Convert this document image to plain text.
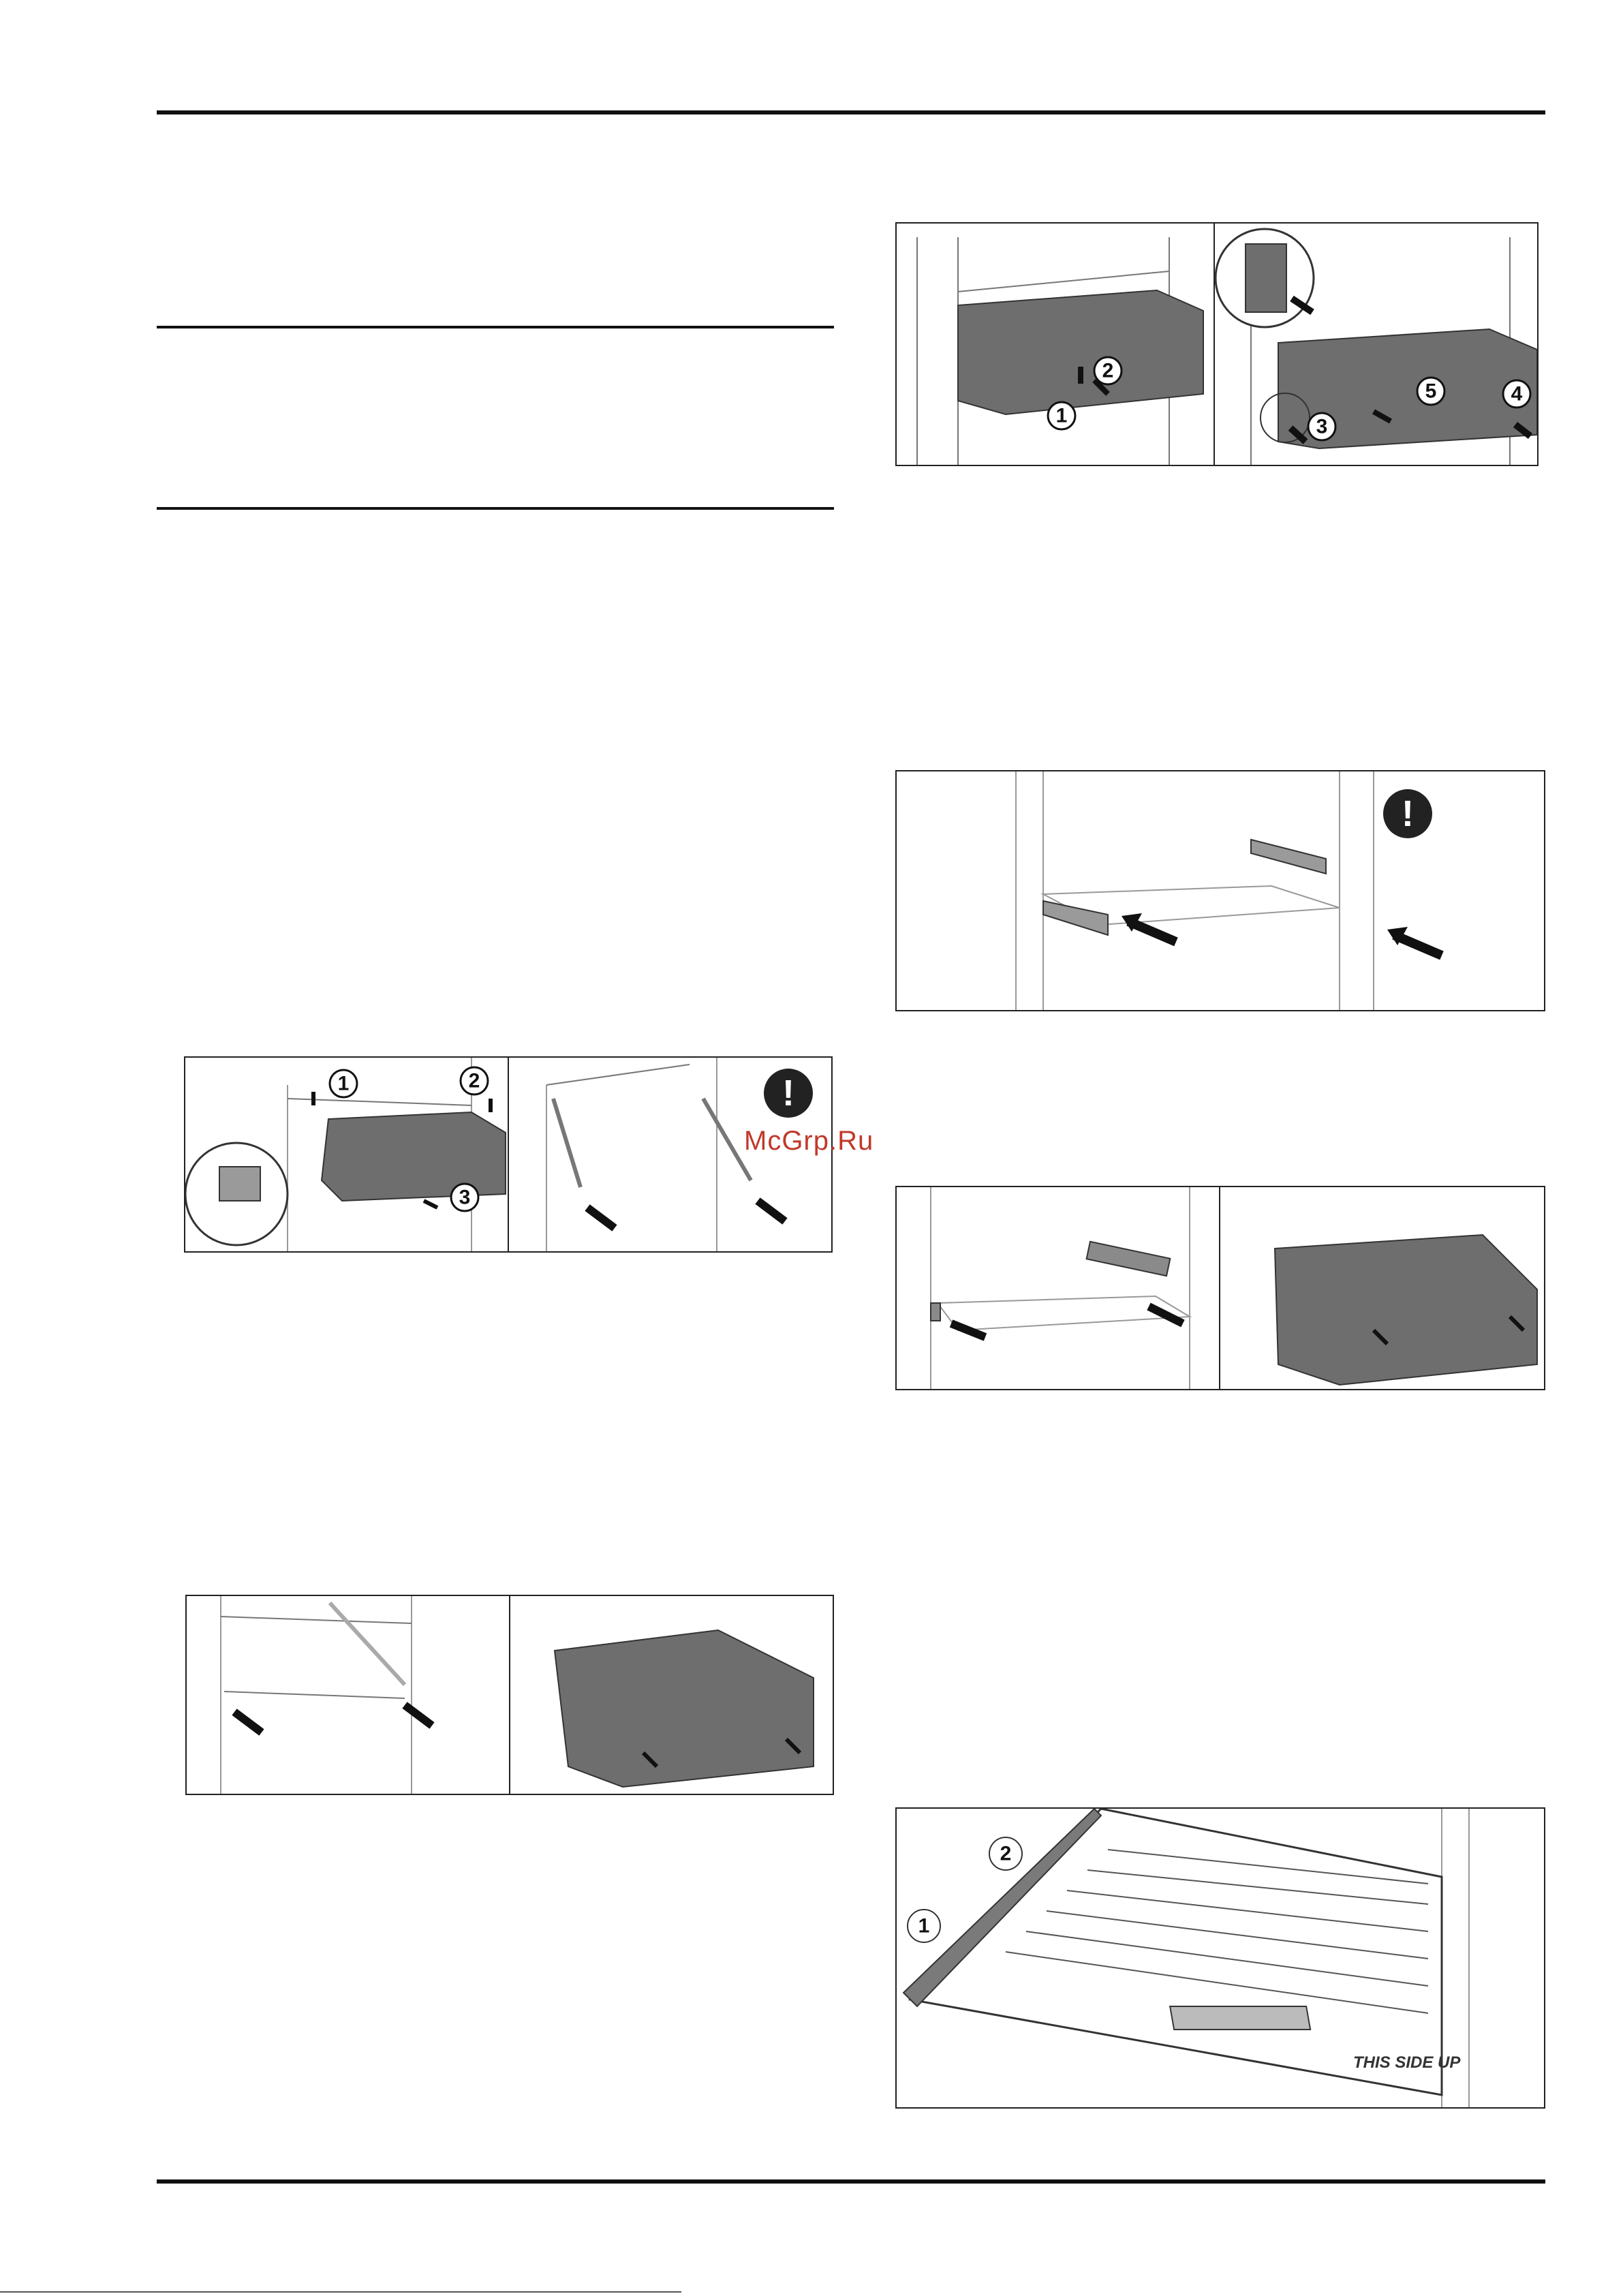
1
2
3
4
5
!
1
2
THIS SIDE UP
1	2
3
!
McGrp.Ru
